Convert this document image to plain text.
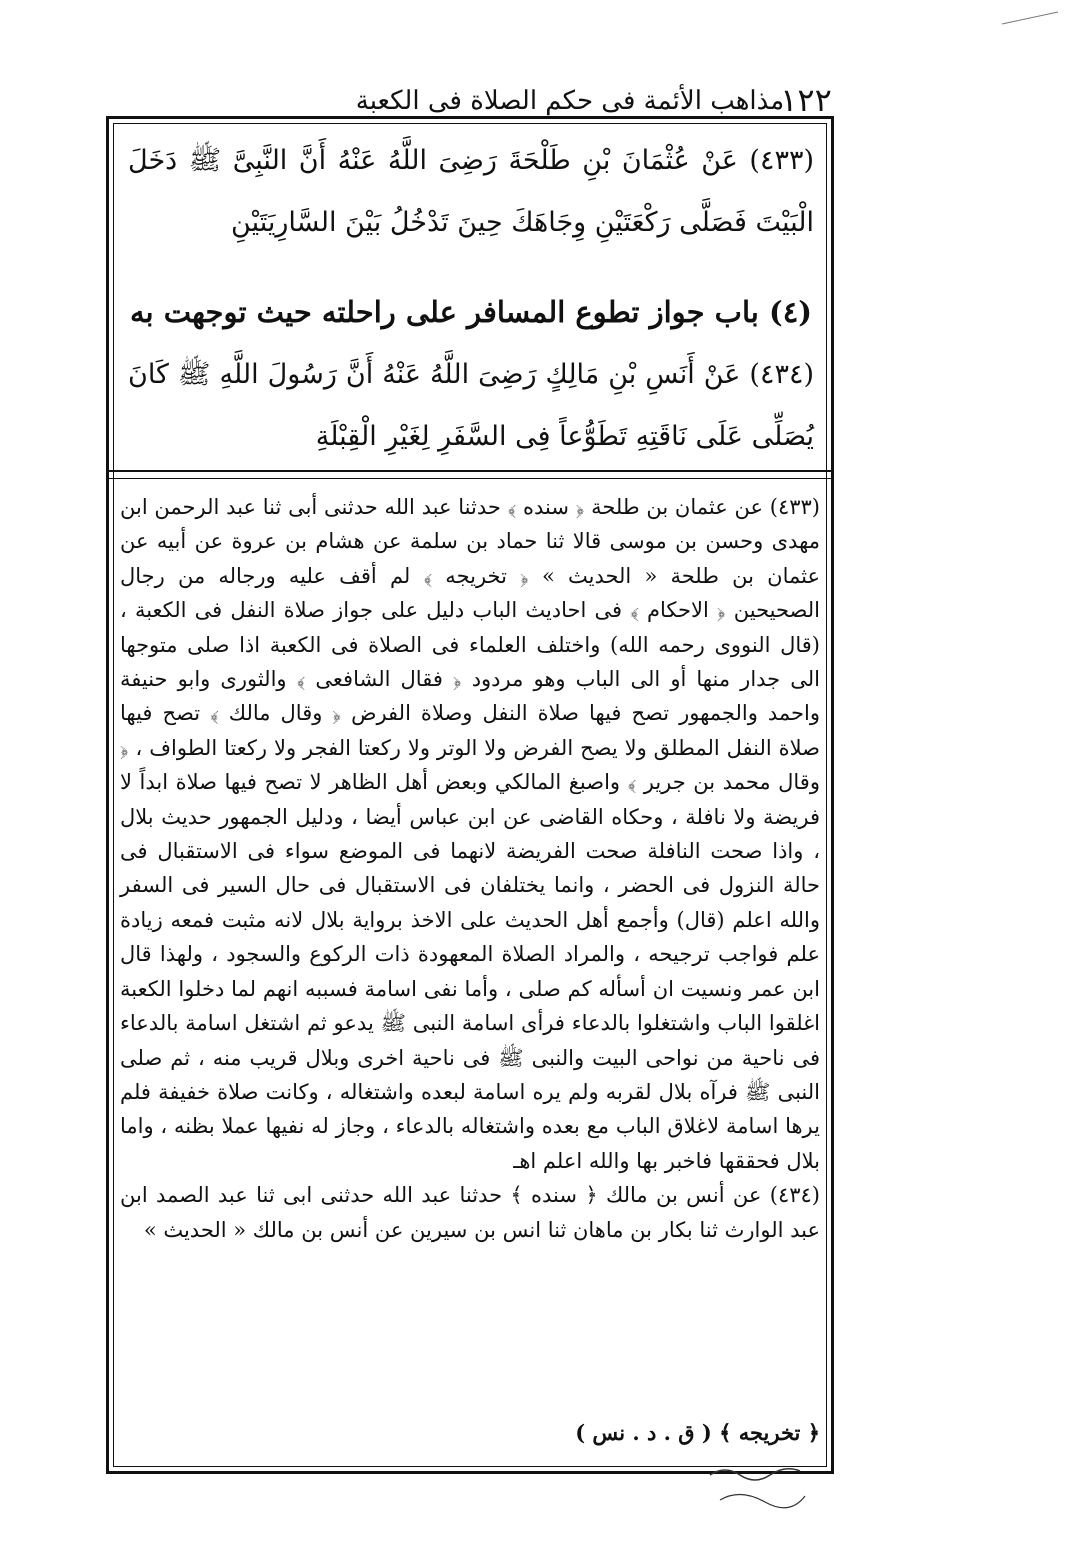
١٢٢
مذاهب الأئمة فى حكم الصلاة فى الكعبة
(٤٣٣) عَنْ عُثْمَانَ بْنِ طَلْحَةَ رَضِىَ اللَّهُ عَنْهُ أَنَّ النَّبِىَّ ﷺ دَخَلَ الْبَيْتَ فَصَلَّى رَكْعَتَيْنِ وِجَاهَكَ حِينَ تَدْخُلُ بَيْنَ السَّارِيَتَيْنِ
(٤) باب جواز تطوع المسافر على راحلته حيث توجهت به
(٤٣٤) عَنْ أَنَسِ بْنِ مَالِكٍ رَضِىَ اللَّهُ عَنْهُ أَنَّ رَسُولَ اللَّهِ ﷺ كَانَ يُصَلِّى عَلَى نَاقَتِهِ تَطَوُّعاً فِى السَّفَرِ لِغَيْرِ الْقِبْلَةِ

(٤٣٣) عن عثمان بن طلحة ﴿ سنده ﴾ حدثنا عبد الله حدثنى أبى ثنا عبد الرحمن ابن مهدى وحسن بن موسى قالا ثنا حماد بن سلمة عن هشام بن عروة عن أبيه عن عثمان بن طلحة « الحديث » ﴿ تخريجه ﴾ لم أقف عليه ورجاله من رجال الصحيحين ﴿ الاحكام ﴾ فى احاديث الباب دليل على جواز صلاة النفل فى الكعبة ، (قال النووى رحمه الله) واختلف العلماء فى الصلاة فى الكعبة اذا صلى متوجها الى جدار منها أو الى الباب وهو مردود ﴿ فقال الشافعى ﴾ والثورى وابو حنيفة واحمد والجمهور تصح فيها صلاة النفل وصلاة الفرض ﴿ وقال مالك ﴾ تصح فيها صلاة النفل المطلق ولا يصح الفرض ولا الوتر ولا ركعتا الفجر ولا ركعتا الطواف ، ﴿ وقال محمد بن جرير ﴾ واصبغ المالكي وبعض أهل الظاهر لا تصح فيها صلاة ابداً لا فريضة ولا نافلة ، وحكاه القاضى عن ابن عباس أيضا ، ودليل الجمهور حديث بلال ، واذا صحت النافلة صحت الفريضة لانهما فى الموضع سواء فى الاستقبال فى حالة النزول فى الحضر ، وانما يختلفان فى الاستقبال فى حال السير فى السفر والله اعلم (قال) وأجمع أهل الحديث على الاخذ برواية بلال لانه مثبت فمعه زيادة علم فواجب ترجيحه ، والمراد الصلاة المعهودة ذات الركوع والسجود ، ولهذا قال ابن عمر ونسيت ان أسأله كم صلى ، وأما نفى اسامة فسببه انهم لما دخلوا الكعبة اغلقوا الباب واشتغلوا بالدعاء فرأى اسامة النبى ﷺ يدعو ثم اشتغل اسامة بالدعاء فى ناحية من نواحى البيت والنبى ﷺ فى ناحية اخرى وبلال قريب منه ، ثم صلى النبى ﷺ فرآه بلال لقربه ولم يره اسامة لبعده واشتغاله ، وكانت صلاة خفيفة فلم يرها اسامة لاغلاق الباب مع بعده واشتغاله بالدعاء ، وجاز له نفيها عملا بظنه ، واما بلال فحققها فاخبر بها والله اعلم اهـ

(٤٣٤) عن أنس بن مالك ﴿ سنده ﴾ حدثنا عبد الله حدثنى ابى ثنا عبد الصمد ابن عبد الوارث ثنا بكار بن ماهان ثنا انس بن سيرين عن أنس بن مالك « الحديث »

﴿ تخريجه ﴾ ( ق . د . نس )
